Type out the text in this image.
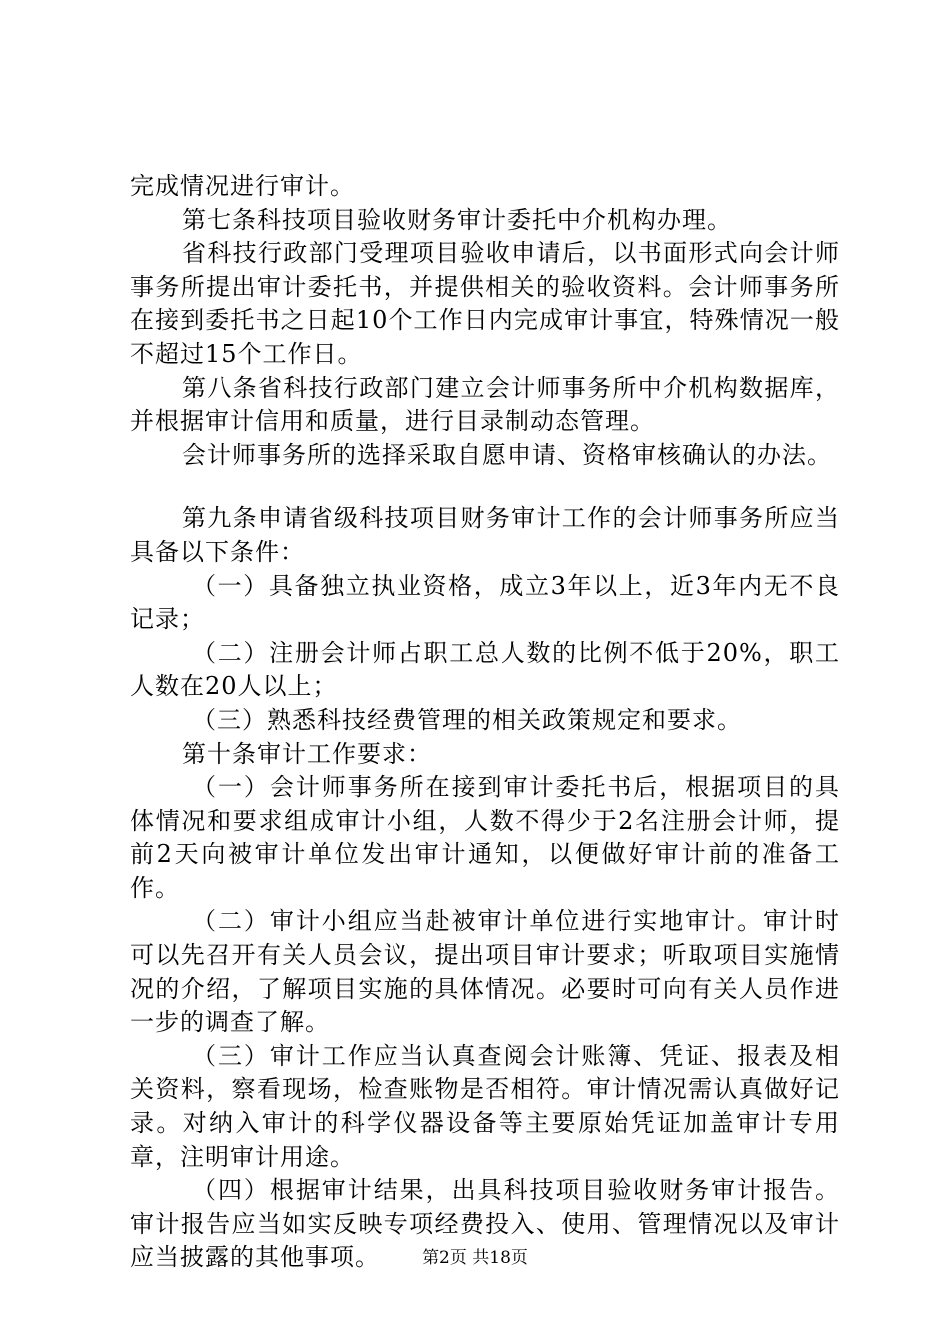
完成情况进行审计。

第七条科技项目验收财务审计委托中介机构办理。

省科技行政部门受理项目验收申请后，以书面形式向会计师事务所提出审计委托书，并提供相关的验收资料。会计师事务所在接到委托书之日起10个工作日内完成审计事宜，特殊情况一般不超过15个工作日。

第八条省科技行政部门建立会计师事务所中介机构数据库，并根据审计信用和质量，进行目录制动态管理。

会计师事务所的选择采取自愿申请、资格审核确认的办法。

第九条申请省级科技项目财务审计工作的会计师事务所应当具备以下条件：

（一）具备独立执业资格，成立3年以上，近3年内无不良记录；

（二）注册会计师占职工总人数的比例不低于20%，职工人数在20人以上；

（三）熟悉科技经费管理的相关政策规定和要求。

第十条审计工作要求：

（一）会计师事务所在接到审计委托书后，根据项目的具体情况和要求组成审计小组，人数不得少于2名注册会计师，提前2天向被审计单位发出审计通知，以便做好审计前的准备工作。

（二）审计小组应当赴被审计单位进行实地审计。审计时可以先召开有关人员会议，提出项目审计要求；听取项目实施情况的介绍，了解项目实施的具体情况。必要时可向有关人员作进一步的调查了解。

（三）审计工作应当认真查阅会计账簿、凭证、报表及相关资料，察看现场，检查账物是否相符。审计情况需认真做好记录。对纳入审计的科学仪器设备等主要原始凭证加盖审计专用章，注明审计用途。

（四）根据审计结果，出具科技项目验收财务审计报告。审计报告应当如实反映专项经费投入、使用、管理情况以及审计应当披露的其他事项。	第2页 共18页
